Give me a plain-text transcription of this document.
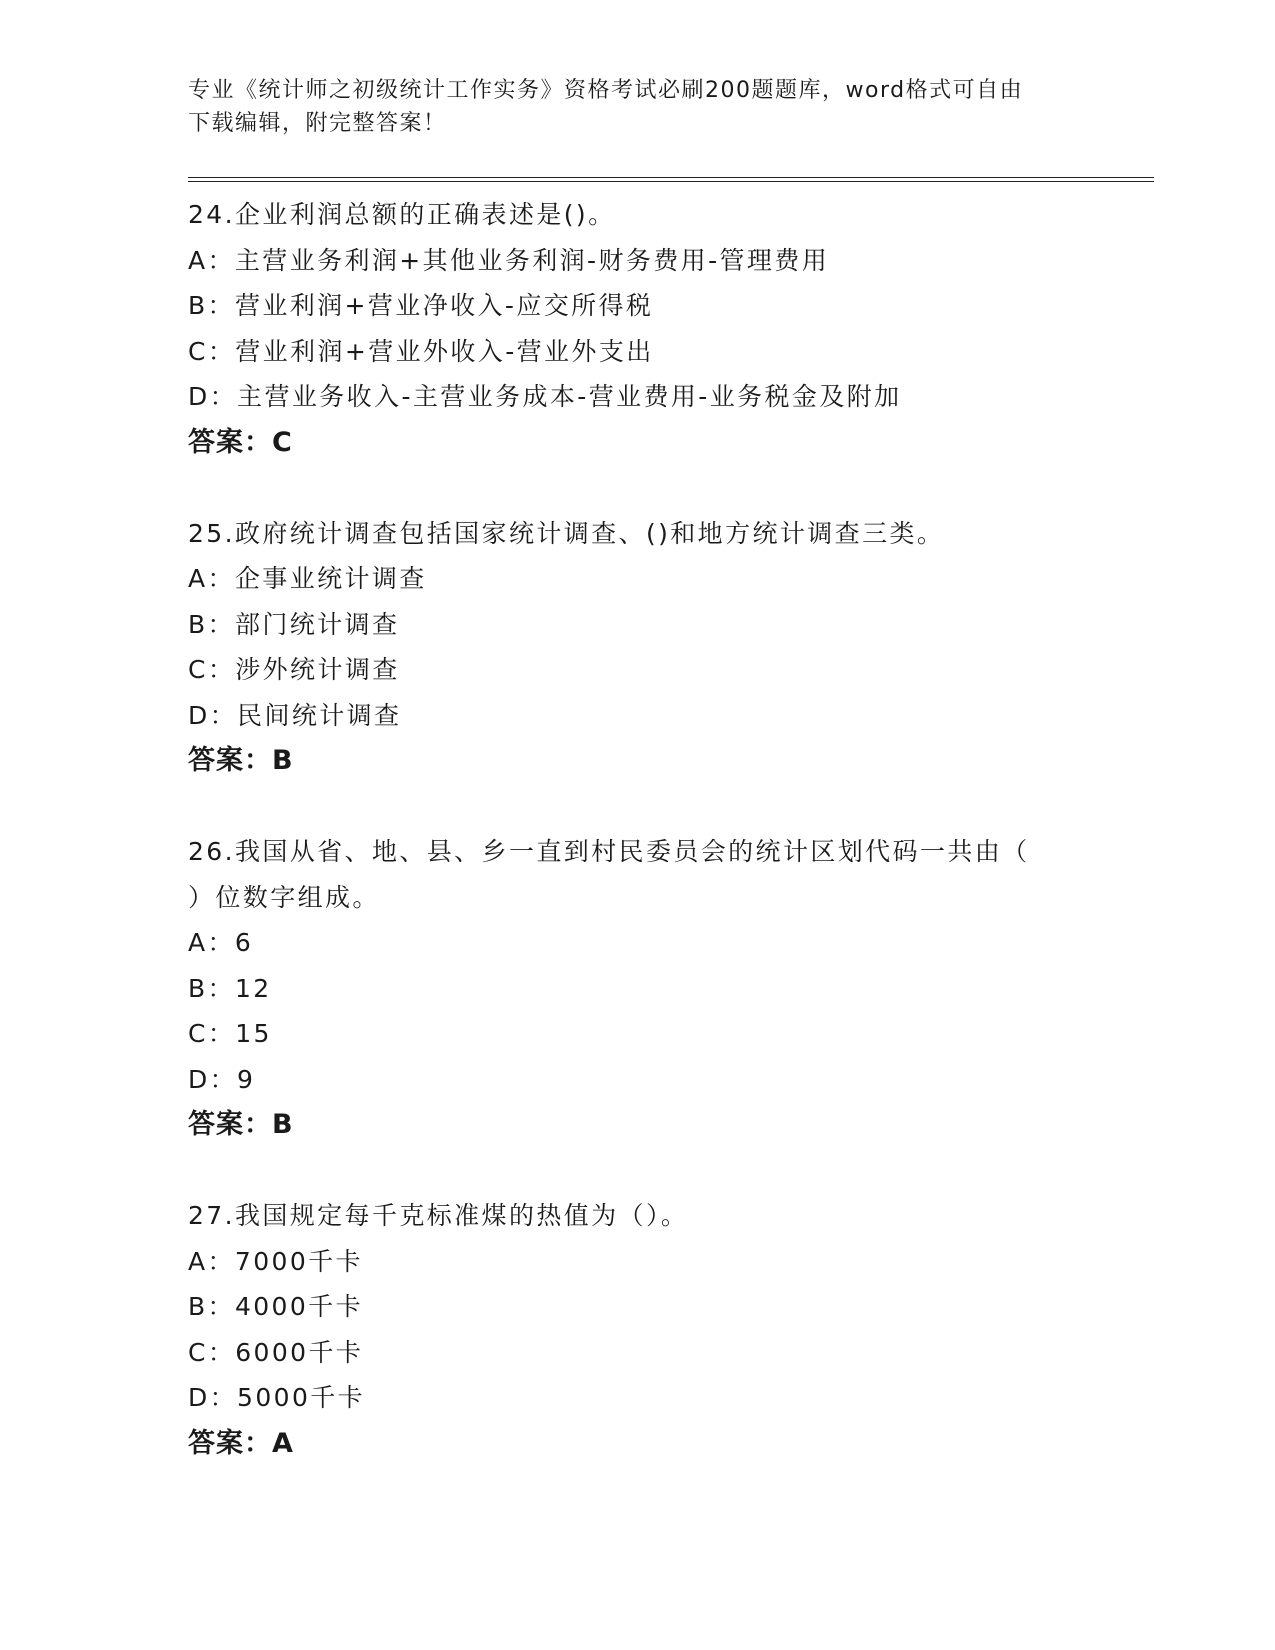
专业《统计师之初级统计工作实务》资格考试必刷200题题库，word格式可自由
下载编辑，附完整答案！
24.企业利润总额的正确表述是()。
A：主营业务利润+其他业务利润-财务费用-管理费用
B：营业利润+营业净收入-应交所得税
C：营业利润+营业外收入-营业外支出
D：主营业务收入-主营业务成本-营业费用-业务税金及附加
答案：C
25.政府统计调查包括国家统计调查、()和地方统计调查三类。
A：企事业统计调查
B：部门统计调查
C：涉外统计调查
D：民间统计调查
答案：B
26.我国从省、地、县、乡一直到村民委员会的统计区划代码一共由（
）位数字组成。
A：6
B：12
C：15
D：9
答案：B
27.我国规定每千克标准煤的热值为（）。
A：7000千卡
B：4000千卡
C：6000千卡
D：5000千卡
答案：A
